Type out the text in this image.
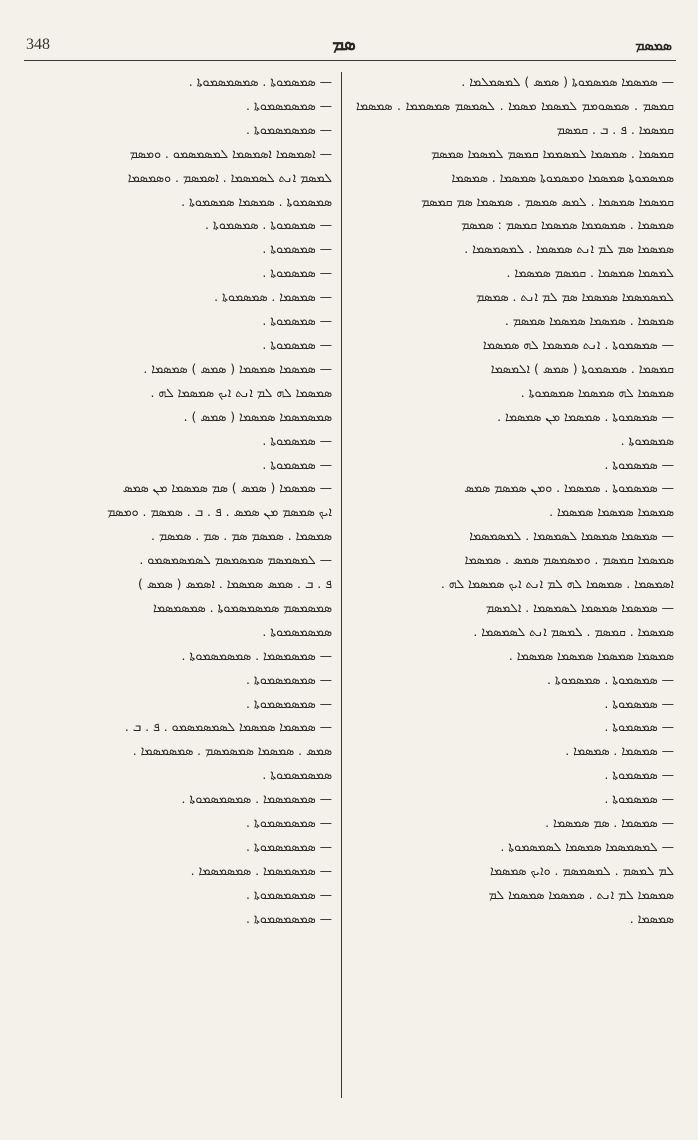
348	ܣܡ	ܣܡܣܡ

— ܣܡܣܡܐ ܣܡܣܡܘܬܐ ( ܣܡܣ ) ܠܡܣܡܠܡܐ .

ܩܡܣܡ . ܣܡܣܘܡܡ ܠܡܣܡܐ ܡܣܡܐ . ܠܣܡܣܡ ܣܡܣܡܡܐ . ܣܡܣܡܐ ܩܡܣܡܐ . ܦ . ܒ . ܩܡܣܡ

ܩܡܣܡܐ . ܣܡܣܡܐ ܠܡܣܡܡܐ ܩܡܣܡ ܠܡܣܡܐ ܣܡܣܡ

ܣܡܣܡܘܬܐ ܣܡܣܡܐ ܘܡܣܡܘܬܐ ܣܡܣܡܐ . ܣܡܣܡܐ

ܩܡܣܡܐ ܣܡܣܡܐ . ܠܡܣ ܣܡܣܡ . ܣܡܣܡܐ ܣܡ ܩܡܣܡ

ܣܡܣܡܐ . ܣܡܣܡܡܐ ܣܡܣܡܐ ܩܡܣܡ : ܣܡܣܡ

ܣܡܣܡܐ ܣܡ ܠܡ ܐܢܬ ܣܡܣܡܐ . ܠܡܣܡܣܡܐ .

ܠܡܣܡܐ ܣܡܣܡܐ . ܩܡܣܡ ܣܡܣܡܐ .

ܠܡܣܡܣܡܐ ܣܡܣܡܐ ܣܡ ܠܡ ܐܢܬ . ܣܡܣܡ

ܣܡܣܡܐ . ܣܡܣܡܐ ܣܡܣܡܐ ܣܡܣܡ .

— ܣܡܣܡܘܬܐ . ܐܢܬ ܣܡܣܡܐ ܠܗ ܣܡܣܡܐ

ܩܡܣܡܐ . ܣܡܣܡܘܬܐ ( ܣܡܣ ) ܐܠܡܣܡܐ

ܣܡܣܡܐ ܠܗ ܣܡܣܡܐ ܣܡܣܡܘܬܐ .

— ܣܡܣܡܘܬܐ . ܣܡܣܡܐ ܡܢ ܣܡܣܡܐ .

ܣܡܣܡܘܬܐ .

— ܣܡܣܡܘܬܐ .

— ܣܡܣܡܘܬܐ . ܣܡܣܡܐ . ܘܡܢ ܣܡܣܡ ܣܡܣ

ܣܡܣܡܐ ܣܡܣܡܐ ܣܡܣܡܐ .

— ܣܡܣܡܐ ܣܡܣܡܐ ܠܣܡܣܡܐ . ܠܡܣܡܣܡܐ

ܣܡܣܡܐ ܩܡܣܡ . ܘܡܣܡܣܡ ܣܡܣ . ܣܡܣܡܐ

ܐܣܡܣܡܐ . ܣܡܣܡܐ ܠܗ ܠܡ ܐܢܬ ܐܝܟ ܣܡܣܡܐ ܠܗ .

— ܣܡܣܡܐ ܣܡܣܡܐ ܠܣܡܣܡܐ . ܐܠܡܣܡ

ܣܡܣܡܐ . ܩܡܣܡ . ܠܡܣܡ ܐܢܬ ܠܣܡܣܡܐ .

ܣܡܣܡܐ ܣܡܣܡܐ ܣܡܣܡܐ ܣܡܣܡܐ .

— ܣܡܣܡܘܬܐ . ܣܡܣܡܘܬܐ .

— ܣܡܣܡܘܬܐ .

— ܣܡܣܡܘܬܐ .

— ܣܡܣܡܐ . ܣܡܣܡܐ .

— ܣܡܣܡܘܬܐ .

— ܣܡܣܡܘܬܐ .

— ܣܡܣܡܐ . ܣܡ ܣܡܣܡܐ .

— ܠܡܣܡܣܡܐ ܣܡܣܡܐ ܠܣܡܣܡܘܬܐ .

ܠܡ ܠܡܣܡ . ܠܡܣܡܣܡ . ܘܐܝܟ ܣܡܣܡܐ

ܣܡܣܡܐ ܠܡ ܐܢܬ . ܣܡܣܡܐ ܣܡܣܡܐ ܠܡ

ܣܡܣܡܐ .

— ܣܡܣܡܘܬܐ . ܣܡܣܡܣܡܘܬܐ .

— ܣܡܣܡܣܡܘܬܐ .

— ܣܡܣܡܣܡܘܬܐ .

— ܐܣܡܣܡܐ ܐܣܡܣܡܐ ܠܡܣܡܣܡܘ . ܘܡܣܡ

ܠܡܣܡ ܐܢܬ ܠܣܡܣܡܐ . ܐܣܡܣܡ . ܘܣܡܣܡܐ

ܣܡܣܡܘܬܐ . ܣܡܣܡܐ ܣܡܣܡܘܬܐ .

— ܣܡܣܡܘܬܐ . ܣܡܣܡܘܬܐ .

— ܣܡܣܡܘܬܐ .

— ܣܡܣܡܘܬܐ .

— ܣܡܣܡܐ . ܣܡܣܡܘܬܐ .

— ܣܡܣܡܘܬܐ .

— ܣܡܣܡܘܬܐ .

— ܣܡܣܡܐ ܣܡܣܡܐ ( ܣܡܣ ) ܣܡܣܡܐ .

ܣܡܣܡܐ ܠܗ ܠܡ ܐܢܬ ܐܝܟ ܣܡܣܡܐ ܠܗ .

ܣܡܣܡܣܡܐ ܣܡܣܡܐ ( ܣܡܣ ) .

— ܣܡܣܡܘܬܐ .

— ܣܡܣܡܘܬܐ .

— ܣܡܣܡܐ ( ܣܡܣ ) ܣܡ ܣܡܣܡܐ ܡܢ ܣܡܣ

ܐܝܟ ܣܡܣܡ ܡܢ ܣܡܣ . ܦ . ܒ . ܣܡܣܡ . ܘܡܣܡ

ܣܡܣܡܐ . ܣܡܣܡ ܣܡ . ܣܡ . ܣܡܣܡ .

— ܠܡܣܡܣܡ ܣܡܣܡܣܡ ܠܣܡܣܡܣܡܘ .

ܦ . ܒ . ܣܡܣ ܣܡܣܡܐ . ܐܣܡܣ ( ܣܡܣ )

ܣܡܣܡܣܡ ܣܡܣܡܣܡܘܬܐ . ܣܡܣܡܣܡܐ

ܣܡܣܡܣܡܘܬܐ .

— ܣܡܣܡܣܡܐ . ܣܡܣܡܣܡܘܬܐ .

— ܣܡܣܡܣܡܘܬܐ .

— ܣܡܣܡܣܡܘܬܐ .

— ܣܡܣܡܐ ܣܡܣܡܐ ܠܣܡܣܡܣܡܘ . ܦ . ܒ .

ܣܡܣ . ܣܡܣܡܐ ܣܡܣܡܣܡ . ܣܡܣܡܣܡܐ .

ܣܡܣܡܣܡܘܬܐ .

— ܣܡܣܡܣܡܐ . ܣܡܣܡܣܡܘܬܐ .

— ܣܡܣܡܣܡܘܬܐ .

— ܣܡܣܡܣܡܘܬܐ .

— ܣܡܣܡܣܡܐ . ܣܡܣܡܣܡܐ .

— ܣܡܣܡܣܡܘܬܐ .

— ܣܡܣܡܣܡܘܬܐ .
